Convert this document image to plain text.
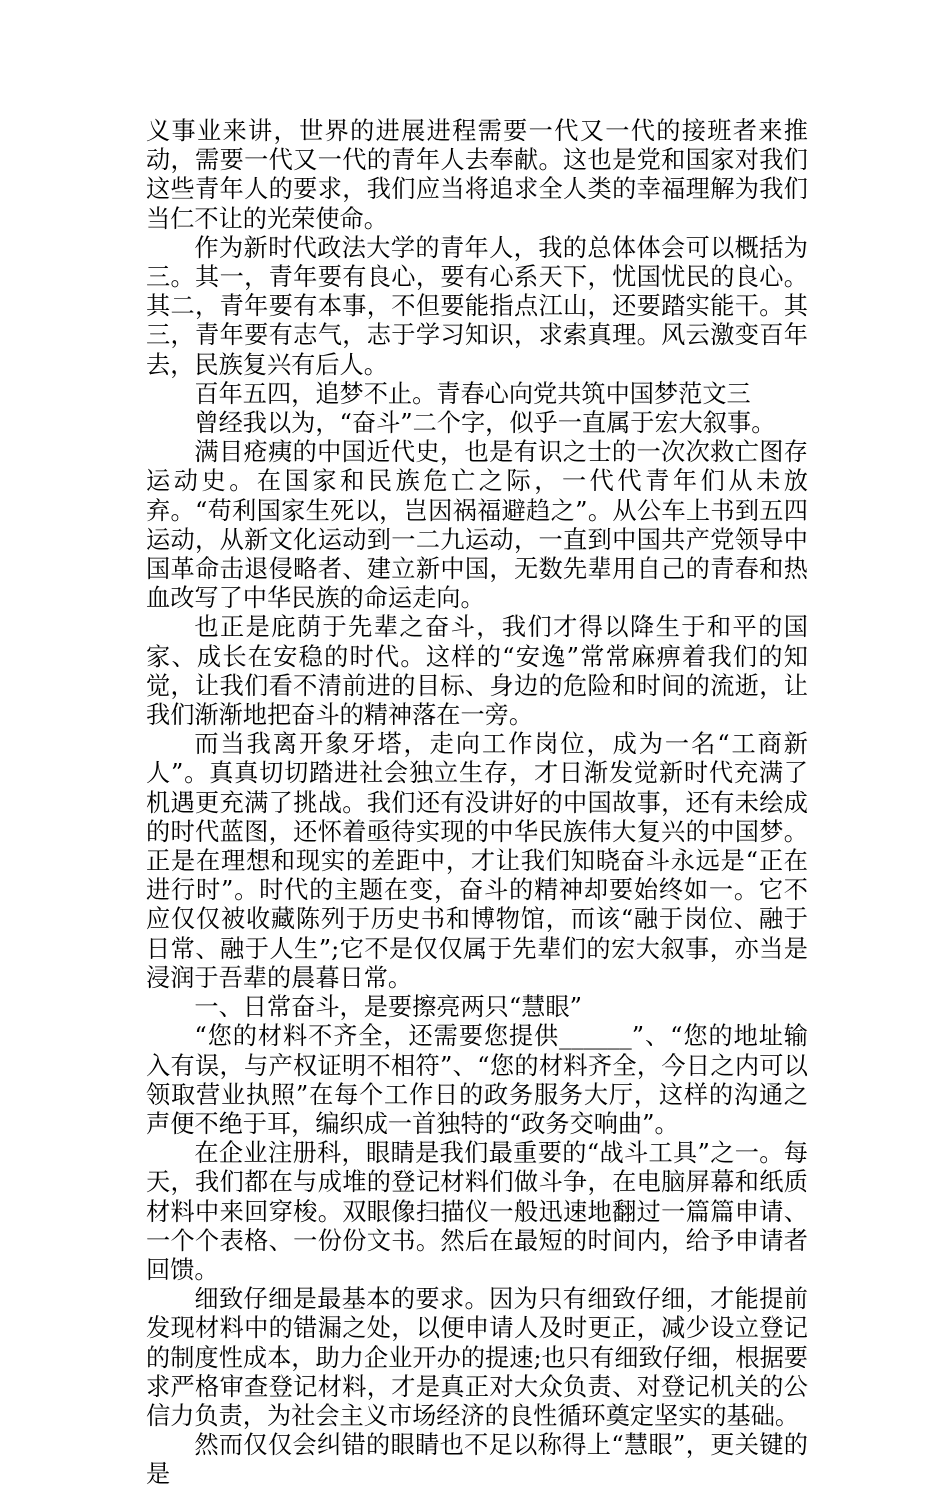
义事业来讲，世界的进展进程需要一代又一代的接班者来推动，需要一代又一代的青年人去奉献。这也是党和国家对我们这些青年人的要求，我们应当将追求全人类的幸福理解为我们当仁不让的光荣使命。

作为新时代政法大学的青年人，我的总体体会可以概括为三。其一，青年要有良心，要有心系天下，忧国忧民的良心。其二，青年要有本事，不但要能指点江山，还要踏实能干。其三，青年要有志气，志于学习知识，求索真理。风云激变百年去，民族复兴有后人。

百年五四，追梦不止。青春心向党共筑中国梦范文三

曾经我以为，“奋斗”二个字，似乎一直属于宏大叙事。

满目疮痍的中国近代史，也是有识之士的一次次救亡图存运动史。在国家和民族危亡之际，一代代青年们从未放弃。“苟利国家生死以，岂因祸福避趋之”。从公车上书到五四运动，从新文化运动到一二九运动，一直到中国共产党领导中国革命击退侵略者、建立新中国，无数先辈用自己的青春和热血改写了中华民族的命运走向。

也正是庇荫于先辈之奋斗，我们才得以降生于和平的国家、成长在安稳的时代。这样的“安逸”常常麻痹着我们的知觉，让我们看不清前进的目标、身边的危险和时间的流逝，让我们渐渐地把奋斗的精神落在一旁。

而当我离开象牙塔，走向工作岗位，成为一名“工商新人”。真真切切踏进社会独立生存，才日渐发觉新时代充满了机遇更充满了挑战。我们还有没讲好的中国故事，还有未绘成的时代蓝图，还怀着亟待实现的中华民族伟大复兴的中国梦。正是在理想和现实的差距中，才让我们知晓奋斗永远是“正在进行时”。时代的主题在变，奋斗的精神却要始终如一。它不应仅仅被收藏陈列于历史书和博物馆，而该“融于岗位、融于日常、融于人生”;它不是仅仅属于先辈们的宏大叙事，亦当是浸润于吾辈的晨暮日常。

一、日常奋斗，是要擦亮两只“慧眼”

“您的材料不齐全，还需要您提供______”、“您的地址输入有误，与产权证明不相符”、“您的材料齐全，今日之内可以领取营业执照”在每个工作日的政务服务大厅，这样的沟通之声便不绝于耳，编织成一首独特的“政务交响曲”。

在企业注册科，眼睛是我们最重要的“战斗工具”之一。每天，我们都在与成堆的登记材料们做斗争，在电脑屏幕和纸质材料中来回穿梭。双眼像扫描仪一般迅速地翻过一篇篇申请、一个个表格、一份份文书。然后在最短的时间内，给予申请者回馈。

细致仔细是最基本的要求。因为只有细致仔细，才能提前发现材料中的错漏之处，以便申请人及时更正，减少设立登记的制度性成本，助力企业开办的提速;也只有细致仔细，根据要求严格审查登记材料，才是真正对大众负责、对登记机关的公信力负责，为社会主义市场经济的良性循环奠定坚实的基础。

然而仅仅会纠错的眼睛也不足以称得上“慧眼”，更关键的是
